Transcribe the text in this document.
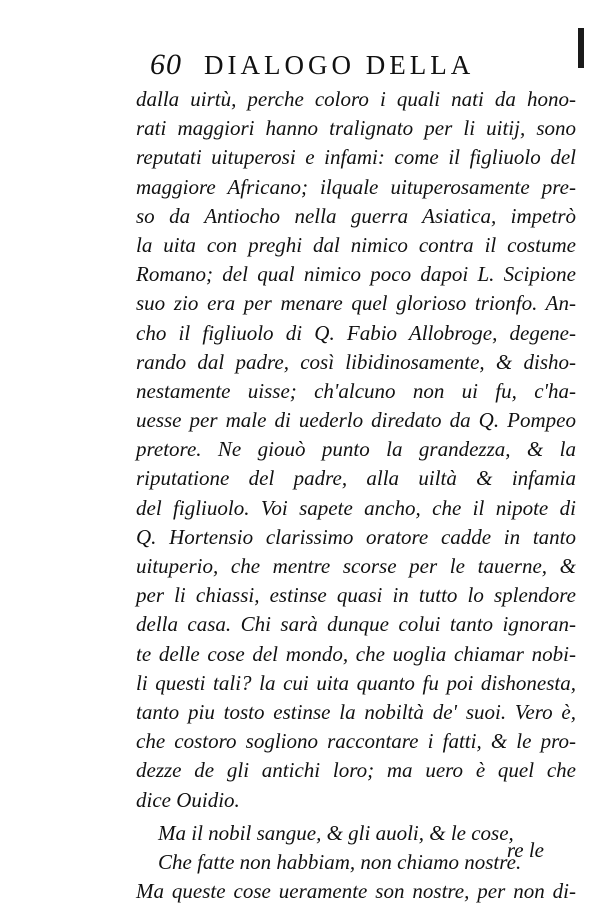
60 DIALOGO DELLA
dalla uirtù, perche coloro i quali nati da hono-
rati maggiori hanno tralignato per li uitij, sono
reputati uituperosi e infami: come il figliuolo del
maggiore Africano; ilquale uituperosamente pre-
so da Antiocho nella guerra Asiatica, impetrò
la uita con preghi dal nimico contra il costume
Romano; del qual nimico poco dapoi L. Scipione
suo zio era per menare quel glorioso trionfo. An-
cho il figliuolo di Q. Fabio Allobroge, degene-
rando dal padre, così libidinosamente, & disho-
nestamente uisse; ch'alcuno non ui fu, c'ha-
uesse per male di uederlo diredato da Q. Pompeo
pretore. Ne giouò punto la grandezza, & la
riputatione del padre, alla uiltà & infamia
del figliuolo. Voi sapete ancho, che il nipote di
Q. Hortensio clarissimo oratore cadde in tanto
uituperio, che mentre scorse per le tauerne, &
per li chiassi, estinse quasi in tutto lo splendore
della casa. Chi sarà dunque colui tanto ignoran-
te delle cose del mondo, che uoglia chiamar nobi-
li questi tali? la cui uita quanto fu poi dishonesta,
tanto piu tosto estinse la nobiltà de' suoi. Vero è,
che costoro sogliono raccontare i fatti, & le pro-
dezze de gli antichi loro; ma uero è quel che
dice Ouidio.
Ma il nobil sangue, & gli auoli, & le cose,
Che fatte non habbiam, non chiamo nostre.
Ma queste cose ueramente son nostre, per non di-
re le
